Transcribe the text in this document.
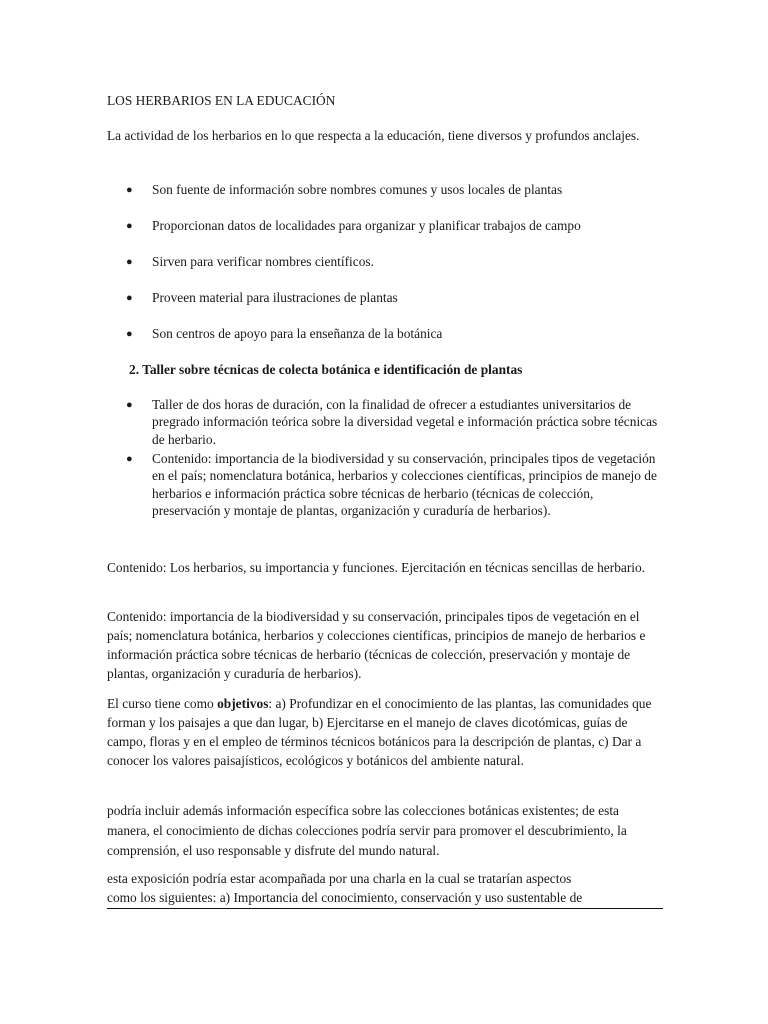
LOS HERBARIOS EN LA EDUCACIÓN

La actividad de los herbarios en lo que respecta a la educación, tiene diversos y profundos anclajes.

● Son fuente de información sobre nombres comunes y usos locales de plantas
● Proporcionan datos de localidades para organizar y planificar trabajos de campo
● Sirven para verificar nombres científicos.
● Proveen material para ilustraciones de plantas
● Son centros de apoyo para la enseñanza de la botánica

2. Taller sobre técnicas de colecta botánica e identificación de plantas

● Taller de dos horas de duración, con la finalidad de ofrecer a estudiantes universitarios de pregrado información teórica sobre la diversidad vegetal e información práctica sobre técnicas de herbario.
● Contenido: importancia de la biodiversidad y su conservación, principales tipos de vegetación en el país; nomenclatura botánica, herbarios y colecciones científicas, principios de manejo de herbarios e información práctica sobre técnicas de herbario (técnicas de colección, preservación y montaje de plantas, organización y curaduría de herbarios).

Contenido: Los herbarios, su importancia y funciones. Ejercitación en técnicas sencillas de herbario.

Contenido: importancia de la biodiversidad y su conservación, principales tipos de vegetación en el país; nomenclatura botánica, herbarios y colecciones científicas, principios de manejo de herbarios e información práctica sobre técnicas de herbario (técnicas de colección, preservación y montaje de plantas, organización y curaduría de herbarios).

El curso tiene como objetivos: a) Profundizar en el conocimiento de las plantas, las comunidades que forman y los paisajes a que dan lugar, b) Ejercitarse en el manejo de claves dicotómicas, guías de campo, floras y en el empleo de términos técnicos botánicos para la descripción de plantas, c) Dar a conocer los valores paisajísticos, ecológicos y botánicos del ambiente natural.

podría incluir además información específica sobre las colecciones botánicas existentes; de esta manera, el conocimiento de dichas colecciones podría servir para promover el descubrimiento, la comprensión, el uso responsable y disfrute del mundo natural.

esta exposición podría estar acompañada por una charla en la cual se tratarían aspectos
como los siguientes: a) Importancia del conocimiento, conservación y uso sustentable de
